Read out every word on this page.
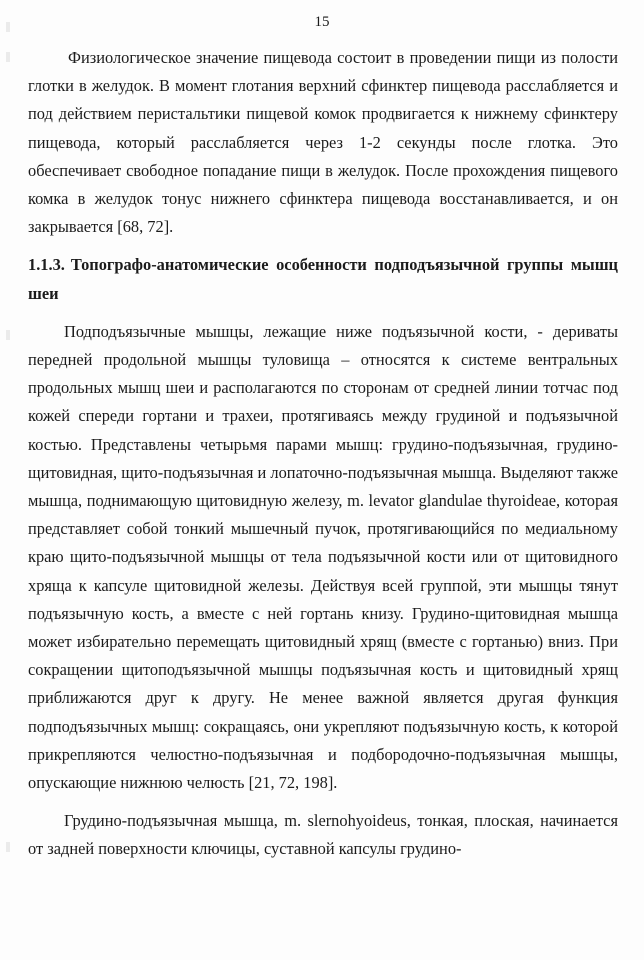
15

Физиологическое значение пищевода состоит в проведении пищи из полости глотки в желудок. В момент глотания верхний сфинктер пищевода расслабляется и под действием перистальтики пищевой комок продвигается к нижнему сфинктеру пищевода, который расслабляется через 1-2 секунды после глотка. Это обеспечивает свободное попадание пищи в желудок. После прохождения пищевого комка в желудок тонус нижнего сфинктера пищевода восстанавливается, и он закрывается [68, 72].

1.1.3. Топографо-анатомические особенности подподъязычной группы мышц шеи

Подподъязычные мышцы, лежащие ниже подъязычной кости, - дериваты передней продольной мышцы туловища – относятся к системе вентральных продольных мышц шеи и располагаются по сторонам от средней линии тотчас под кожей спереди гортани и трахеи, протягиваясь между грудиной и подъязычной костью. Представлены четырьмя парами мышц: грудино-подъязычная, грудино-щитовидная, щито-подъязычная и лопаточно-подъязычная мышца. Выделяют также мышца, поднимающую щитовидную железу, m. levator glandulae thyroideae, которая представляет собой тонкий мышечный пучок, протягивающийся по медиальному краю щито-подъязычной мышцы от тела подъязычной кости или от щитовидного хряща к капсуле щитовидной железы. Действуя всей группой, эти мышцы тянут подъязычную кость, а вместе с ней гортань книзу. Грудино-щитовидная мышца может избирательно перемещать щитовидный хрящ (вместе с гортанью) вниз. При сокращении щитоподъязычной мышцы подъязычная кость и щитовидный хрящ приближаются друг к другу. Не менее важной является другая функция подподъязычных мышц: сокращаясь, они укрепляют подъязычную кость, к которой прикрепляются челюстно-подъязычная и подбородочно-подъязычная мышцы, опускающие нижнюю челюсть [21, 72, 198].

Грудино-подъязычная мышца, m. slernohyoideus, тонкая, плоская, начинается от задней поверхности ключицы, суставной капсулы грудино-
